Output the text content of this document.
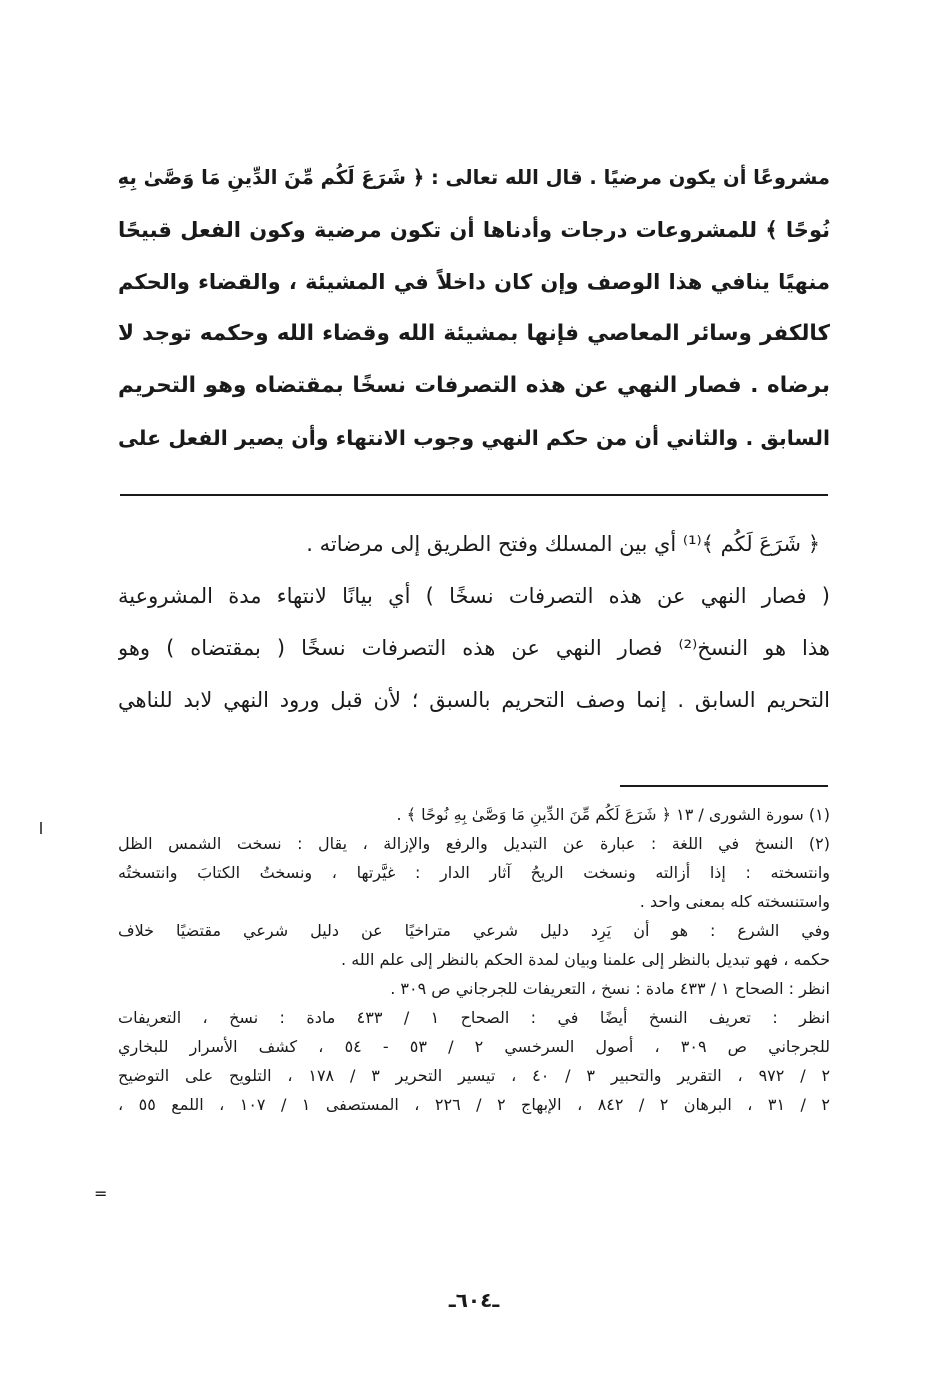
مشروعًا أن يكون مرضيًا . قال الله تعالى : ﴿ شَرَعَ لَكُم مِّنَ الدِّينِ مَا وَصَّىٰ بِهِ
نُوحًا ﴾ للمشروعات درجات وأدناها أن تكون مرضية وكون الفعل قبيحًا
منهيًا ينافي هذا الوصف وإن كان داخلاً في المشيئة ، والقضاء والحكم
كالكفر وسائر المعاصي فإنها بمشيئة الله وقضاء الله وحكمه توجد لا
برضاه . فصار النهي عن هذه التصرفات نسخًا بمقتضاه وهو التحريم
السابق . والثاني أن من حكم النهي وجوب الانتهاء وأن يصير الفعل على
﴿ شَرَعَ لَكُم ﴾⁽¹⁾ أي بين المسلك وفتح الطريق إلى مرضاته .
( فصار النهي عن هذه التصرفات نسخًا ) أي بيانًا لانتهاء مدة المشروعية
هذا هو النسخ⁽²⁾ فصار النهي عن هذه التصرفات نسخًا ( بمقتضاه ) وهو
التحريم السابق . إنما وصف التحريم بالسبق ؛ لأن قبل ورود النهي لابد للناهي
(١) سورة الشورى / ١٣ ﴿ شَرَعَ لَكُم مِّنَ الدِّينِ مَا وَصَّىٰ بِهِ نُوحًا ﴾ .
(٢) النسخ في اللغة : عبارة عن التبديل والرفع والإزالة ، يقال : نسخت الشمس الظل
وانتسخته : إذا أزالته ونسخت الريحُ آثار الدار : غيَّرتها ، ونسختُ الكتابَ وانتسختُه
واستنسخته كله بمعنى واحد .
وفي الشرع : هو أن يَرِد دليل شرعي متراخيًا عن دليل شرعي مقتضيًا خلاف
حكمه ، فهو تبديل بالنظر إلى علمنا وبيان لمدة الحكم بالنظر إلى علم الله .
انظر : الصحاح ١ / ٤٣٣ مادة : نسخ ، التعريفات للجرجاني ص ٣٠٩ .
انظر : تعريف النسخ أيضًا في : الصحاح ١ / ٤٣٣ مادة : نسخ ، التعريفات
للجرجاني ص ٣٠٩ ، أصول السرخسي ٢ / ٥٣ - ٥٤ ، كشف الأسرار للبخاري
٢ / ٩٧٢ ، التقرير والتحبير ٣ / ٤٠ ، تيسير التحرير ٣ / ١٧٨ ، التلويح على التوضيح
٢ / ٣١ ، البرهان ٢ / ٨٤٢ ، الإبهاج ٢ / ٢٢٦ ، المستصفى ١ / ١٠٧ ، اللمع ٥٥ ،
=
ـ٦٠٤ـ
